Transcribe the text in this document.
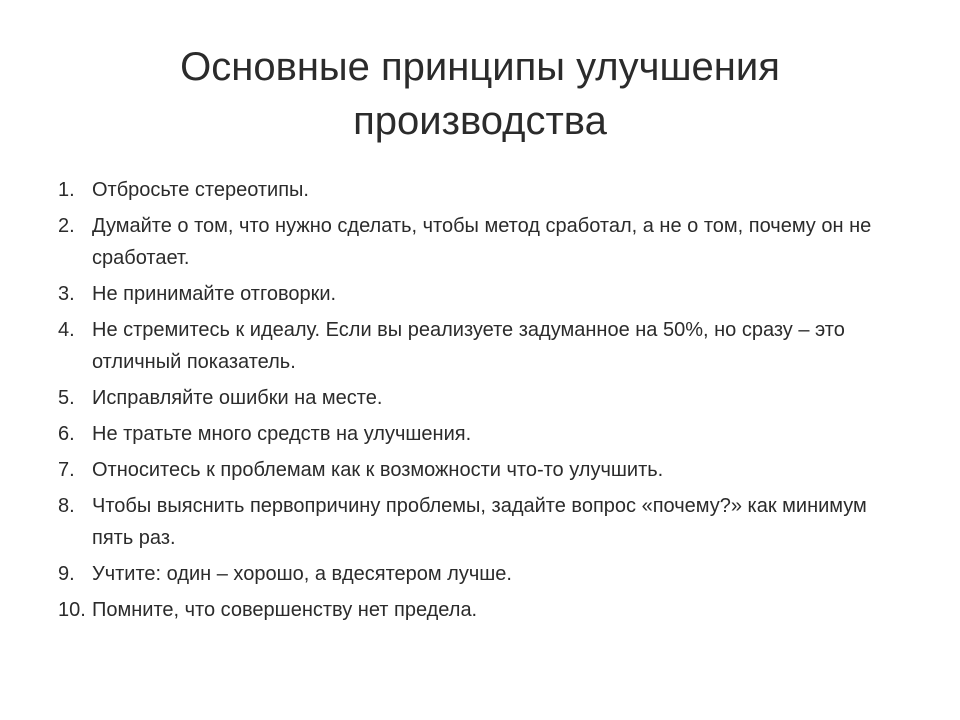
Основные принципы улучшения
производства
1. Отбросьте стереотипы.
2. Думайте о том, что нужно сделать, чтобы метод сработал, а не о том, почему он не сработает.
3. Не принимайте отговорки.
4. Не стремитесь к идеалу. Если вы реализуете задуманное на 50%, но сразу – это отличный показатель.
5. Исправляйте ошибки на месте.
6. Не тратьте много средств на улучшения.
7. Относитесь к проблемам как к возможности что-то улучшить.
8. Чтобы выяснить первопричину проблемы, задайте вопрос «почему?» как минимум пять раз.
9. Учтите: один – хорошо, а вдесятером лучше.
10. Помните, что совершенству нет предела.
